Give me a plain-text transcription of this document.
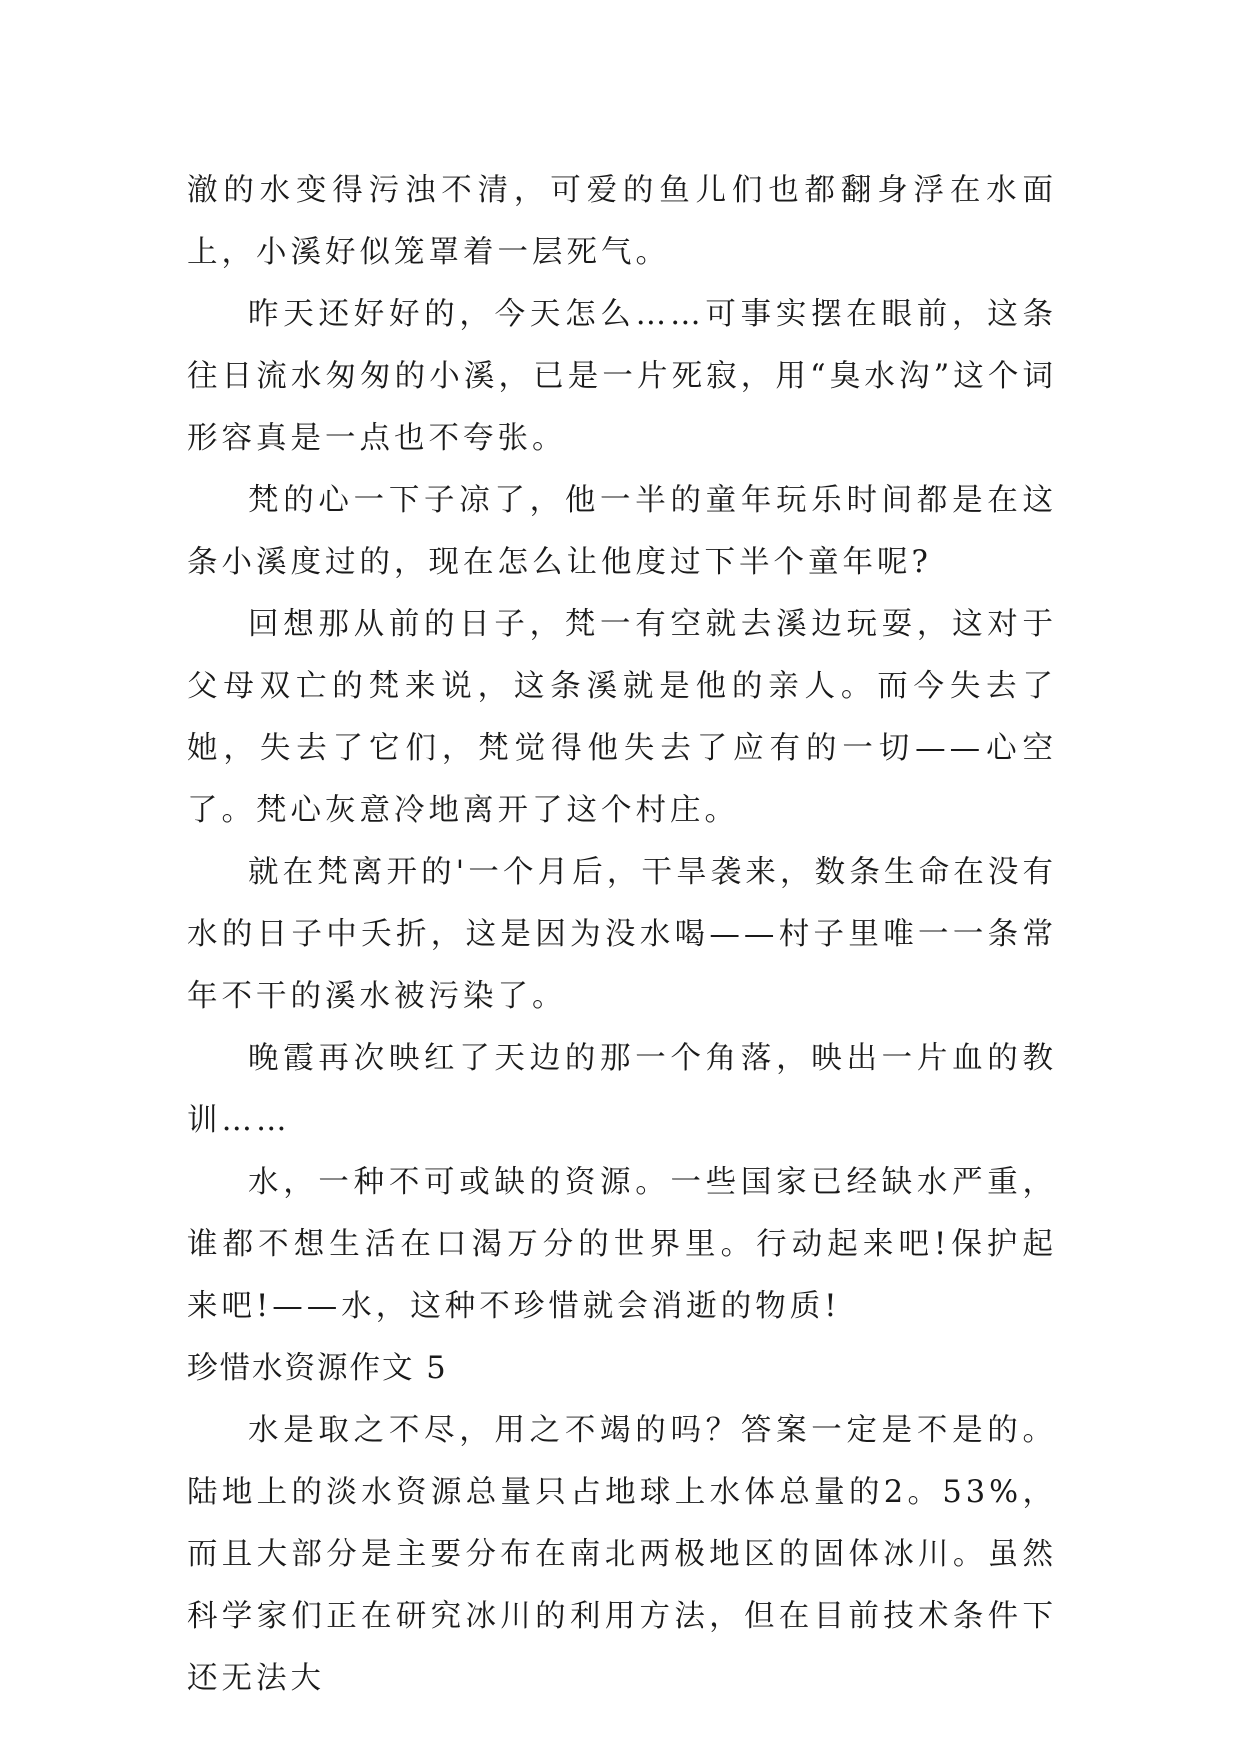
澈的水变得污浊不清，可爱的鱼儿们也都翻身浮在水面上，小溪好似笼罩着一层死气。

昨天还好好的，今天怎么……可事实摆在眼前，这条往日流水匆匆的小溪，已是一片死寂，用“臭水沟”这个词形容真是一点也不夸张。

梵的心一下子凉了，他一半的童年玩乐时间都是在这条小溪度过的，现在怎么让他度过下半个童年呢?

回想那从前的日子，梵一有空就去溪边玩耍，这对于父母双亡的梵来说，这条溪就是他的亲人。而今失去了她，失去了它们，梵觉得他失去了应有的一切——心空了。梵心灰意冷地离开了这个村庄。

就在梵离开的'一个月后，干旱袭来，数条生命在没有水的日子中夭折，这是因为没水喝——村子里唯一一条常年不干的溪水被污染了。

晚霞再次映红了天边的那一个角落，映出一片血的教训……

水，一种不可或缺的资源。一些国家已经缺水严重，谁都不想生活在口渴万分的世界里。行动起来吧!保护起来吧!——水，这种不珍惜就会消逝的物质!

珍惜水资源作文 5

水是取之不尽，用之不竭的吗？答案一定是不是的。陆地上的淡水资源总量只占地球上水体总量的2。53%，而且大部分是主要分布在南北两极地区的固体冰川。虽然科学家们正在研究冰川的利用方法，但在目前技术条件下还无法大
